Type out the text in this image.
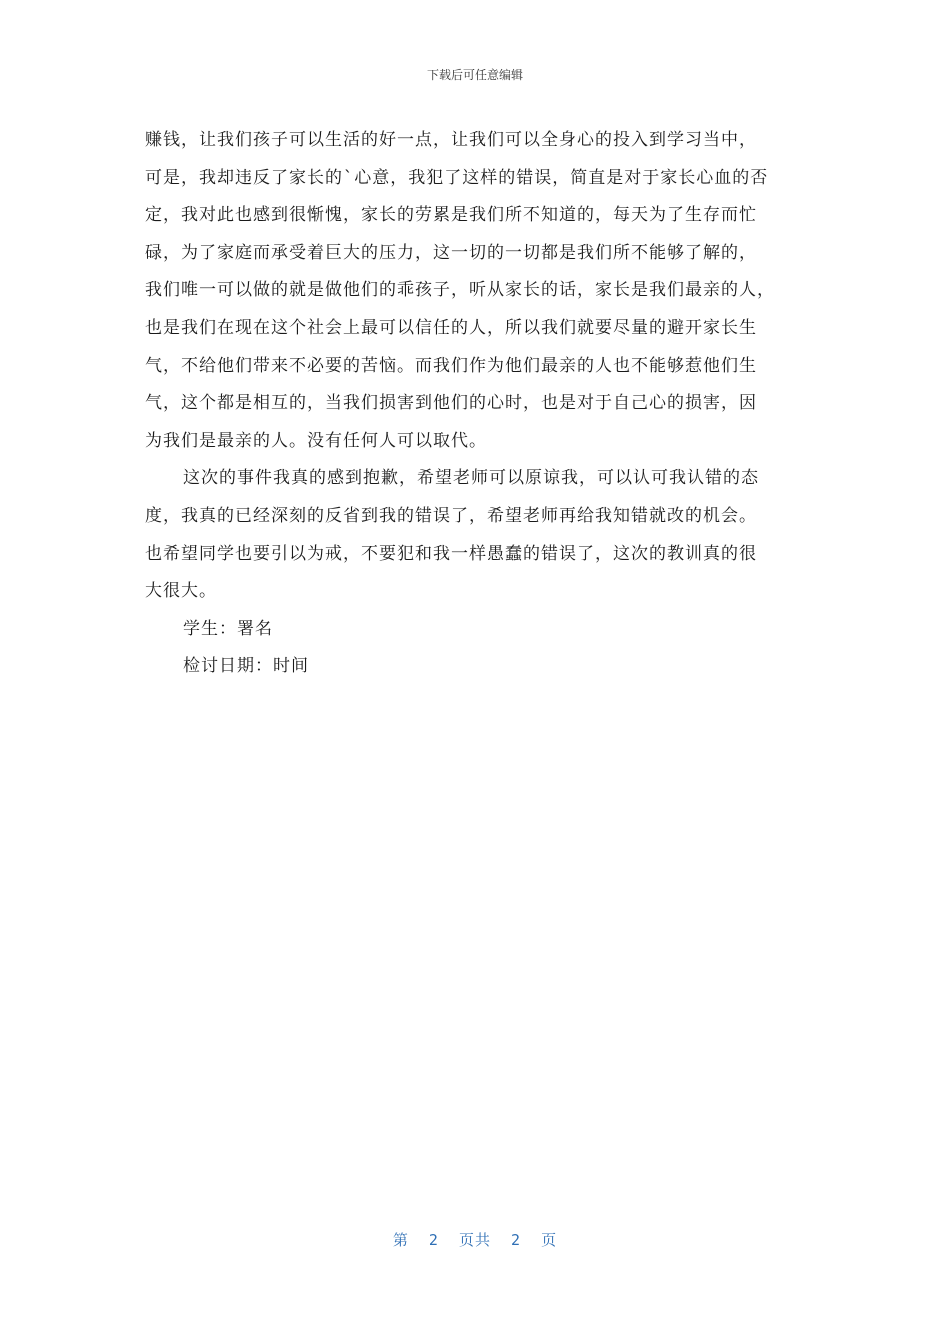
下载后可任意编辑
赚钱，让我们孩子可以生活的好一点，让我们可以全身心的投入到学习当中，
可是，我却违反了家长的`心意，我犯了这样的错误，简直是对于家长心血的否
定，我对此也感到很惭愧，家长的劳累是我们所不知道的，每天为了生存而忙
碌，为了家庭而承受着巨大的压力，这一切的一切都是我们所不能够了解的，
我们唯一可以做的就是做他们的乖孩子，听从家长的话，家长是我们最亲的人，
也是我们在现在这个社会上最可以信任的人，所以我们就要尽量的避开家长生
气，不给他们带来不必要的苦恼。而我们作为他们最亲的人也不能够惹他们生
气，这个都是相互的，当我们损害到他们的心时，也是对于自己心的损害，因
为我们是最亲的人。没有任何人可以取代。
这次的事件我真的感到抱歉，希望老师可以原谅我，可以认可我认错的态
度，我真的已经深刻的反省到我的错误了，希望老师再给我知错就改的机会。
也希望同学也要引以为戒，不要犯和我一样愚蠢的错误了，这次的教训真的很
大很大。
学生：署名
检讨日期：时间
第  2  页共  2  页
